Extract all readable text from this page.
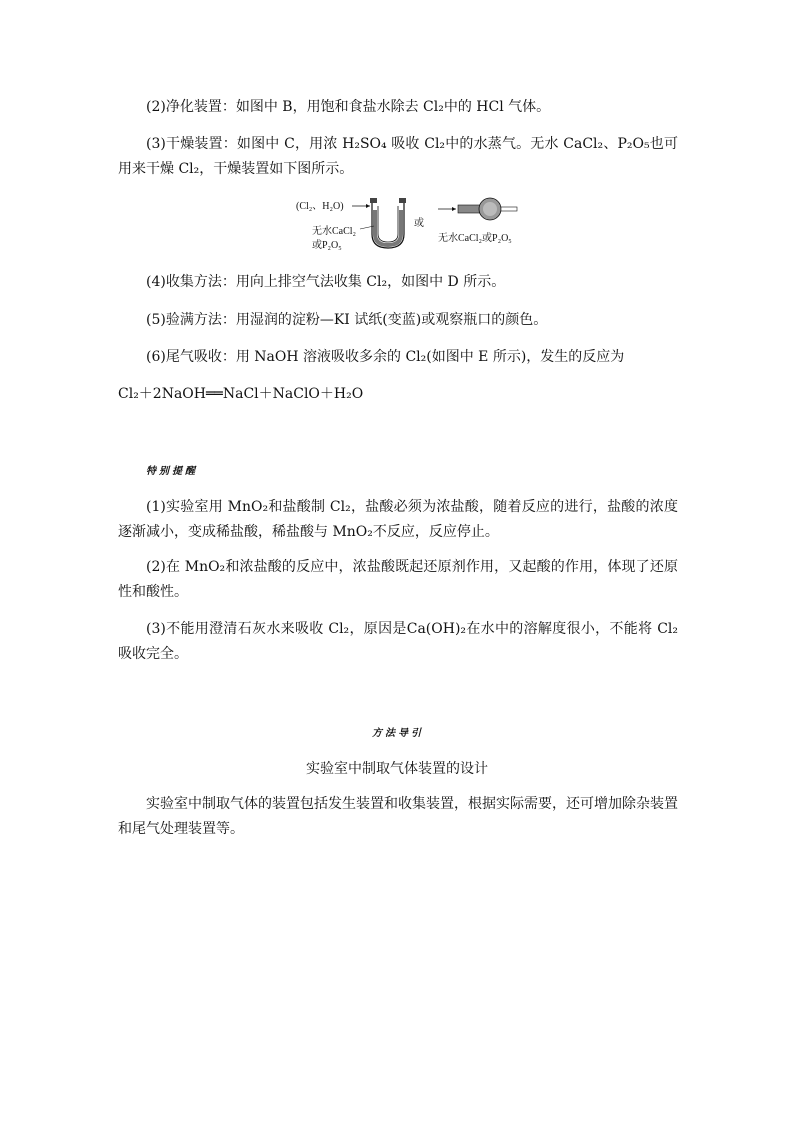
(2)净化装置：如图中 B，用饱和食盐水除去 Cl₂中的 HCl 气体。

(3)干燥装置：如图中 C，用浓 H₂SO₄ 吸收 Cl₂中的水蒸气。无水 CaCl₂、P₂O₅也可用来干燥 Cl₂，干燥装置如下图所示。

(Cl₂、H₂O)
无水CaCl₂
或P₂O₅
或
无水CaCl₂或P₂O₅

(4)收集方法：用向上排空气法收集 Cl₂，如图中 D 所示。

(5)验满方法：用湿润的淀粉—KI 试纸(变蓝)或观察瓶口的颜色。

(6)尾气吸收：用 NaOH 溶液吸收多余的 Cl₂(如图中 E 所示)，发生的反应为

Cl₂＋2NaOH══NaCl＋NaClO＋H₂O

特别提醒

(1)实验室用 MnO₂和盐酸制 Cl₂，盐酸必须为浓盐酸，随着反应的进行，盐酸的浓度逐渐减小，变成稀盐酸，稀盐酸与 MnO₂不反应，反应停止。

(2)在 MnO₂和浓盐酸的反应中，浓盐酸既起还原剂作用，又起酸的作用，体现了还原性和酸性。

(3)不能用澄清石灰水来吸收 Cl₂，原因是Ca(OH)₂在水中的溶解度很小，不能将 Cl₂吸收完全。

方法导引
实验室中制取气体装置的设计

实验室中制取气体的装置包括发生装置和收集装置，根据实际需要，还可增加除杂装置和尾气处理装置等。
